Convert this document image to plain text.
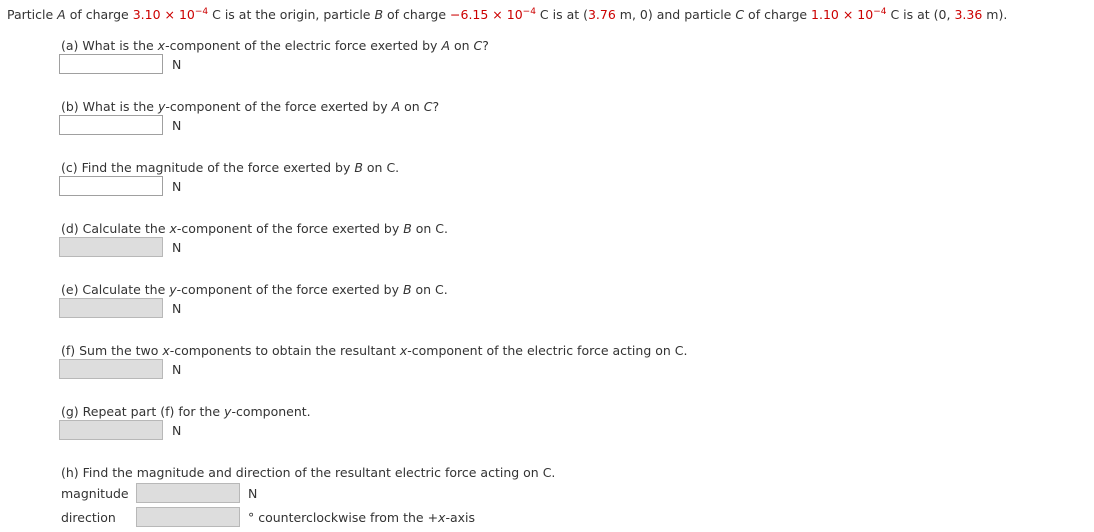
Particle A of charge $3.10 \times 10^{-4}$ C is at the origin, particle B of charge $-6.15 \times 10^{-4}$ C is at (3.76 m, 0) and particle C of charge $1.10 \times 10^{-4}$ C is at (0, 3.36 m).
(a) What is the x-component of the electric force exerted by A on C?
N
(b) What is the y-component of the force exerted by A on C?
N
(c) Find the magnitude of the force exerted by B on C.
N
(d) Calculate the x-component of the force exerted by B on C.
N
(e) Calculate the y-component of the force exerted by B on C.
N
(f) Sum the two x-components to obtain the resultant x-component of the electric force acting on C.
N
(g) Repeat part (f) for the y-component.
N
(h) Find the magnitude and direction of the resultant electric force acting on C.
magnitude	N
direction	° counterclockwise from the +x-axis
